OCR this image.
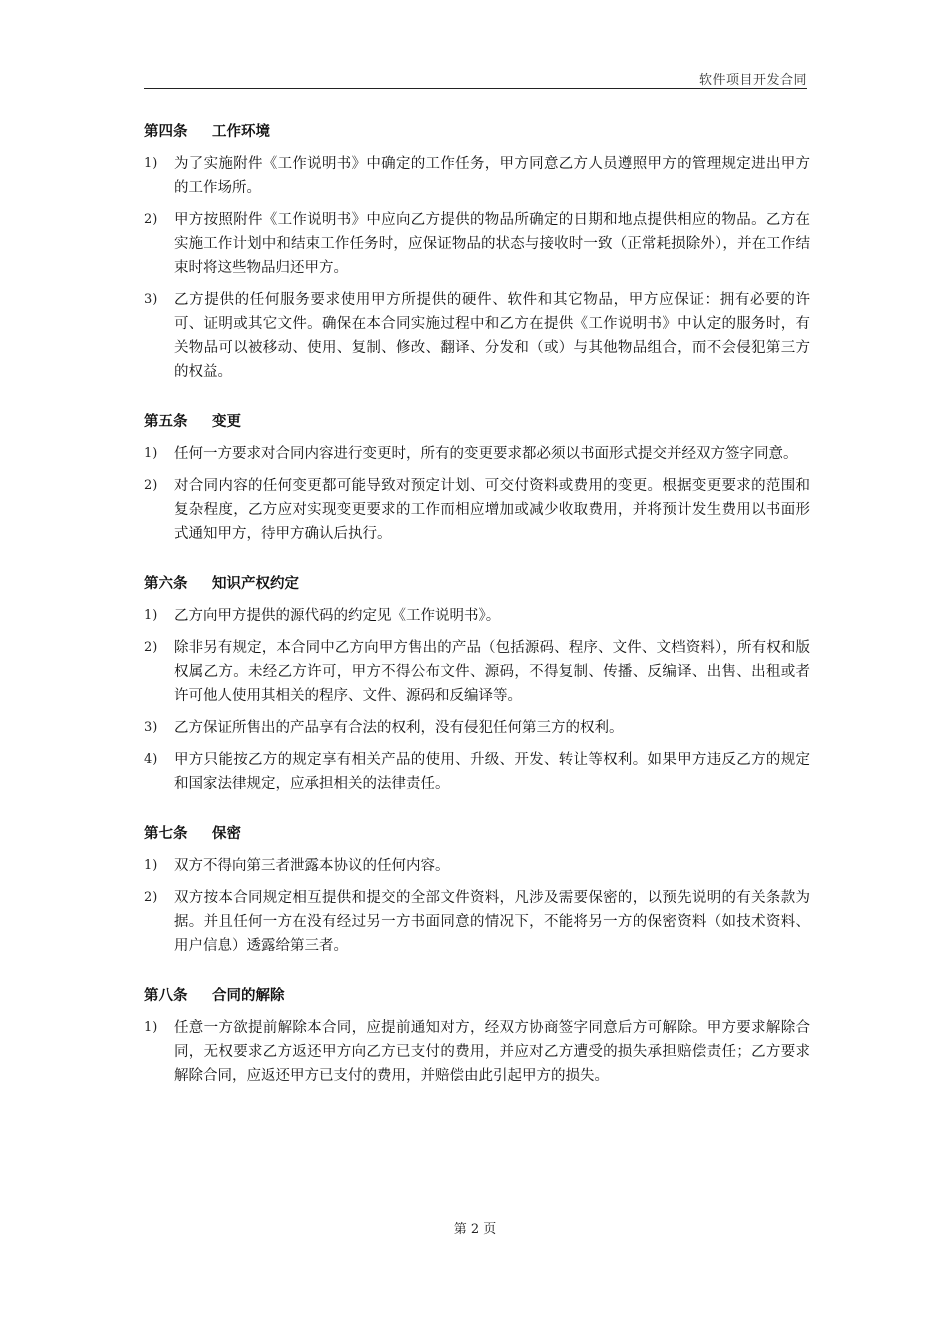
软件项目开发合同
第四条	工作环境
1)	为了实施附件《工作说明书》中确定的工作任务，甲方同意乙方人员遵照甲方的管理规定进出甲方的工作场所。
2)	甲方按照附件《工作说明书》中应向乙方提供的物品所确定的日期和地点提供相应的物品。乙方在实施工作计划中和结束工作任务时，应保证物品的状态与接收时一致（正常耗损除外），并在工作结束时将这些物品归还甲方。
3)	乙方提供的任何服务要求使用甲方所提供的硬件、软件和其它物品，甲方应保证：拥有必要的许可、证明或其它文件。确保在本合同实施过程中和乙方在提供《工作说明书》中认定的服务时，有关物品可以被移动、使用、复制、修改、翻译、分发和（或）与其他物品组合，而不会侵犯第三方的权益。
第五条	变更
1)	任何一方要求对合同内容进行变更时，所有的变更要求都必须以书面形式提交并经双方签字同意。
2)	对合同内容的任何变更都可能导致对预定计划、可交付资料或费用的变更。根据变更要求的范围和复杂程度，乙方应对实现变更要求的工作而相应增加或减少收取费用，并将预计发生费用以书面形式通知甲方，待甲方确认后执行。
第六条	知识产权约定
1)	乙方向甲方提供的源代码的约定见《工作说明书》。
2)	除非另有规定，本合同中乙方向甲方售出的产品（包括源码、程序、文件、文档资料），所有权和版权属乙方。未经乙方许可，甲方不得公布文件、源码，不得复制、传播、反编译、出售、出租或者许可他人使用其相关的程序、文件、源码和反编译等。
3)	乙方保证所售出的产品享有合法的权利，没有侵犯任何第三方的权利。
4)	甲方只能按乙方的规定享有相关产品的使用、升级、开发、转让等权利。如果甲方违反乙方的规定和国家法律规定，应承担相关的法律责任。
第七条	保密
1)	双方不得向第三者泄露本协议的任何内容。
2)	双方按本合同规定相互提供和提交的全部文件资料，凡涉及需要保密的，以预先说明的有关条款为据。并且任何一方在没有经过另一方书面同意的情况下，不能将另一方的保密资料（如技术资料、用户信息）透露给第三者。
第八条	合同的解除
1)	任意一方欲提前解除本合同，应提前通知对方，经双方协商签字同意后方可解除。甲方要求解除合同，无权要求乙方返还甲方向乙方已支付的费用，并应对乙方遭受的损失承担赔偿责任；乙方要求解除合同，应返还甲方已支付的费用，并赔偿由此引起甲方的损失。
第 2 页
